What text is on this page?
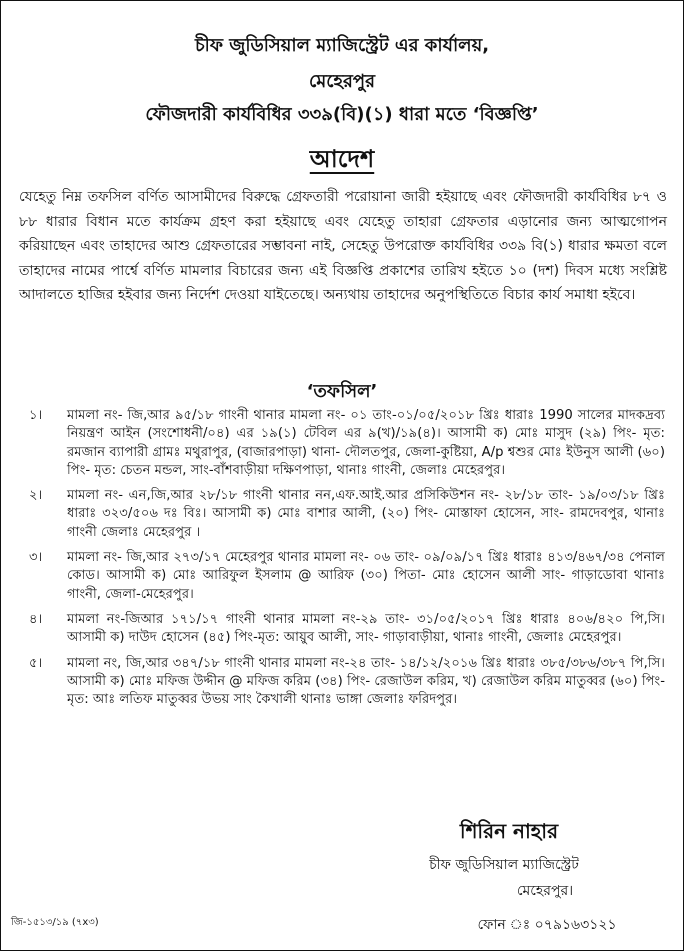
চীফ জুডিসিয়াল ম্যাজিস্ট্রেট এর কার্যালয়,
মেহেরপুর
ফৌজদারী কার্যবিধির ৩৩৯(বি)(১) ধারা মতে ‘বিজ্ঞপ্তি’
আদেশ

যেহেতু নিম্ন তফসিল বর্ণিত আসামীদের বিরুদ্ধে গ্রেফতারী পরোয়ানা জারী হইয়াছে এবং ফৌজদারী কার্যবিধির ৮৭ ও ৮৮ ধারার বিধান মতে কার্যক্রম গ্রহণ করা হইয়াছে এবং যেহেতু তাহারা গ্রেফতার এড়ানোর জন্য আত্মগোপন করিয়াছেন এবং তাহাদের আশু গ্রেফতারের সম্ভাবনা নাই, সেহেতু উপরোক্ত কার্যবিধির ৩৩৯ বি(১) ধারার ক্ষমতা বলে তাহাদের নামের পার্শ্বে বর্ণিত মামলার বিচারের জন্য এই বিজ্ঞপ্তি প্রকাশের তারিখ হইতে ১০ (দশ) দিবস মধ্যে সংশ্লিষ্ট আদালতে হাজির হইবার জন্য নির্দেশ দেওয়া যাইতেছে। অন্যথায় তাহাদের অনুপস্থিতিতে বিচার কার্য সমাধা হইবে।

‘তফসিল’
১। মামলা নং- জি,আর ৯৫/১৮ গাংনী থানার মামলা নং- ০১ তাং-০১/০৫/২০১৮ খ্রিঃ ধারাঃ 1990 সালের মাদকদ্রব্য নিয়ন্ত্রণ আইন (সংশোধনী/০৪) এর ১৯(১) টেবিল এর ৯(খ)/১৯(৪)। আসামী ক) মোঃ মাসুদ (২৯) পিং- মৃত: রমজান ব্যাপারী গ্রামঃ মথুরাপুর, (বাজারপাড়া) থানা- দৌলতপুর, জেলা-কুষ্টিয়া, A/p শ্বশুর মোঃ ইউনুস আলী (৬০) পিং- মৃত: চেতন মন্ডল, সাং-বাঁশবাড়ীয়া দক্ষিণপাড়া, থানাঃ গাংনী, জেলাঃ মেহেরপুর।
২। মামলা নং- এন,জি,আর ২৮/১৮ গাংনী থানার নন,এফ.আই.আর প্রসিকিউশন নং- ২৮/১৮ তাং- ১৯/০৩/১৮ খ্রিঃ ধারাঃ ৩২৩/৫০৬ দঃ বিঃ। আসামী ক) মোঃ বাশার আলী, (২০) পিং- মোস্তাফা হোসেন, সাং- রামদেবপুর, থানাঃ গাংনী জেলাঃ মেহেরপুর ।
৩। মামলা নং- জি,আর ২৭৩/১৭ মেহেরপুর থানার মামলা নং- ০৬ তাং- ০৯/০৯/১৭ খ্রিঃ ধারাঃ ৪১৩/৪৬৭/৩৪ পেনাল কোড। আসামী ক) মোঃ আরিফুল ইসলাম @ আরিফ (৩০) পিতা- মোঃ হোসেন আলী সাং- গাড়াডোবা থানাঃ গাংনী, জেলা-মেহেরপুর।
৪। মামলা নং-জিআর ১৭১/১৭ গাংনী থানার মামলা নং-২৯ তাং- ৩১/০৫/২০১৭ খ্রিঃ ধারাঃ ৪০৬/৪২০ পি,সি। আসামী ক) দাউদ হোসেন (৪৫) পিং-মৃত: আয়ুব আলী, সাং- গাড়াবাড়ীয়া, থানাঃ গাংনী, জেলাঃ মেহেরপুর।
৫। মামলা নং, জি,আর ৩৪৭/১৮ গাংনী থানার মামলা নং-২৪ তাং- ১৪/১২/২০১৬ খ্রিঃ ধারাঃ ৩৮৫/৩৮৬/৩৮৭ পি,সি। আসামী ক) মোঃ মফিজ উদ্দীন @ মফিজ করিম (৩৪) পিং- রেজাউল করিম, খ) রেজাউল করিম মাতুব্বর (৬০) পিং- মৃত: আঃ লতিফ মাতুব্বর উভয় সাং কৈখালী থানাঃ ভাঙ্গা জেলাঃ ফরিদপুর।
শিরিন নাহার
চীফ জুডিসিয়াল ম্যাজিস্ট্রেট
মেহেরপুর।
ফোন ঃ ০৭৯১৬৩১২১
জি-১৫১৩/১৯ (৭x৩)
